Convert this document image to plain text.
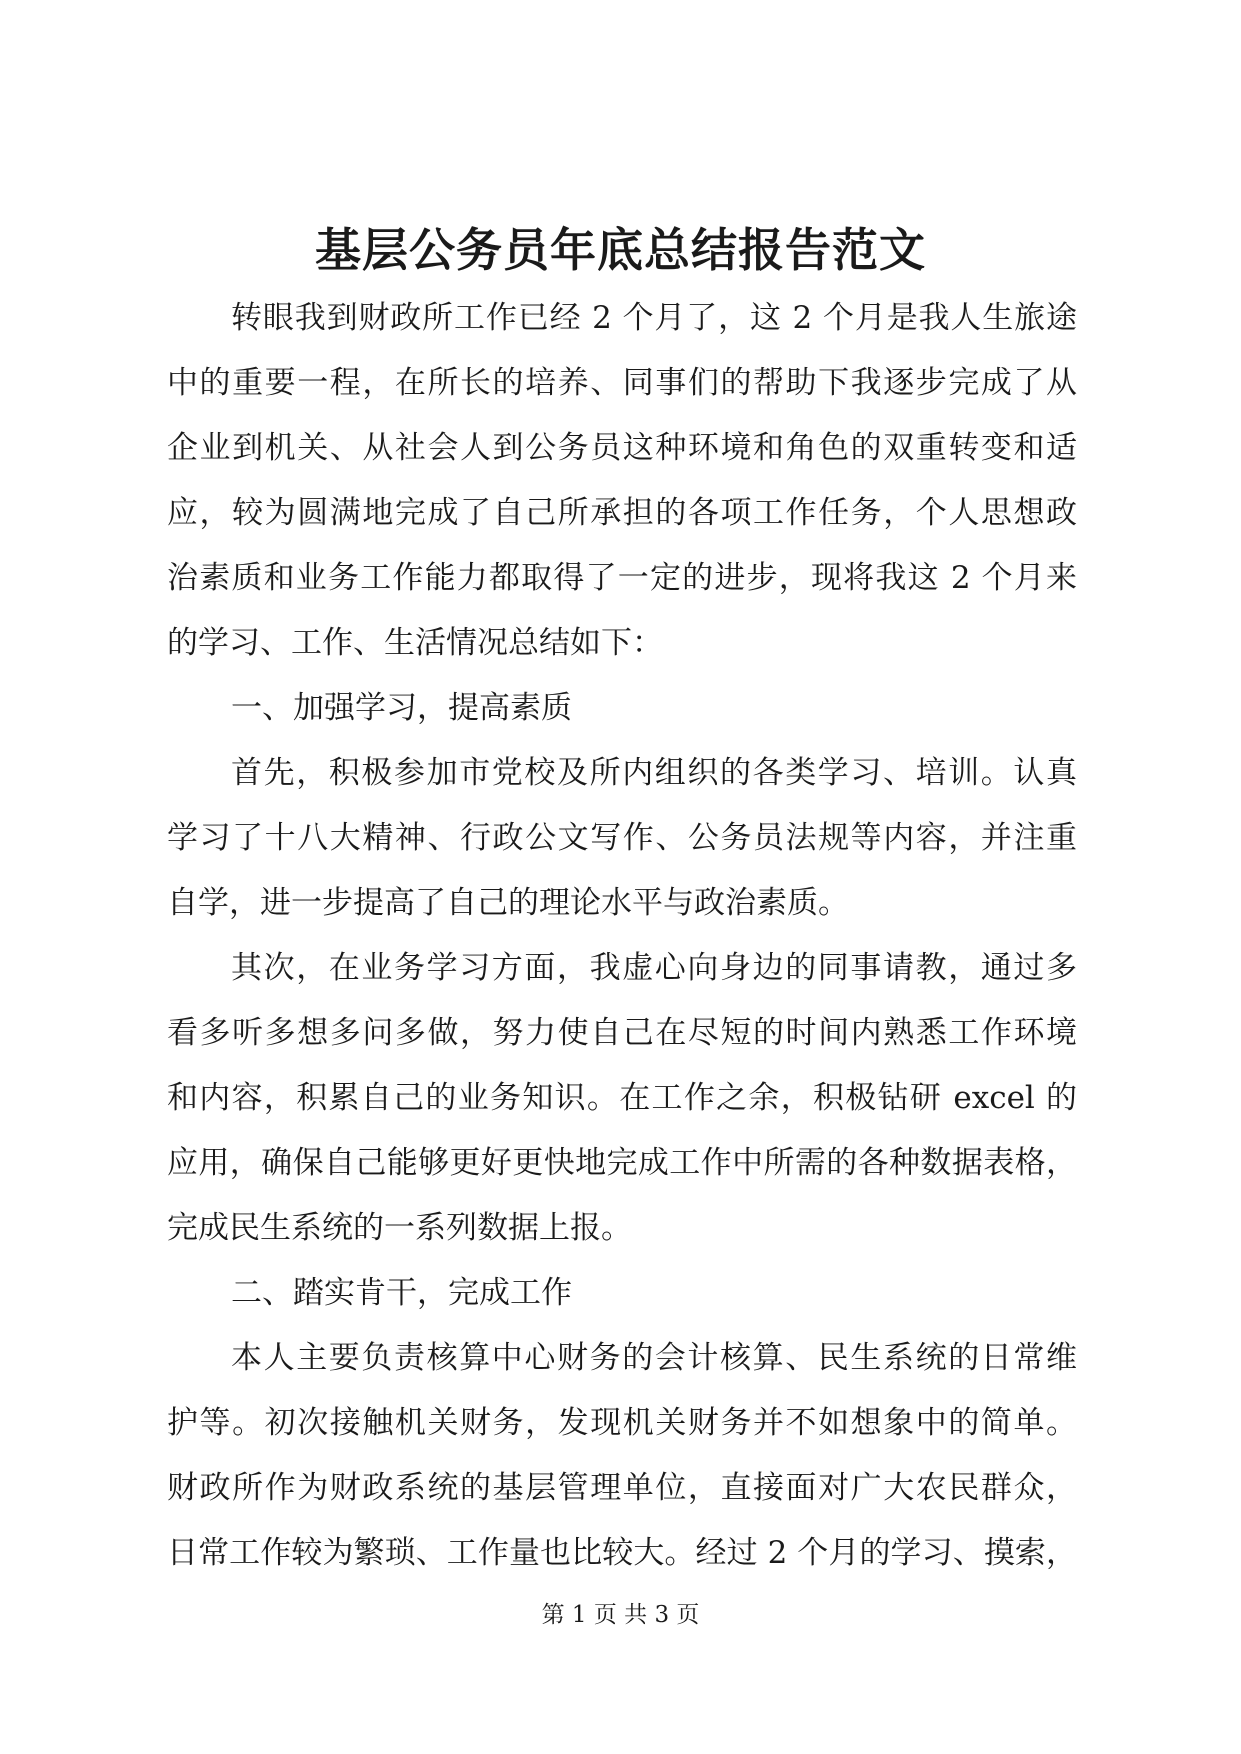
基层公务员年底总结报告范文
转眼我到财政所工作已经 2 个月了，这 2 个月是我人生旅途
中的重要一程，在所长的培养、同事们的帮助下我逐步完成了从
企业到机关、从社会人到公务员这种环境和角色的双重转变和适
应，较为圆满地完成了自己所承担的各项工作任务，个人思想政
治素质和业务工作能力都取得了一定的进步，现将我这 2 个月来
的学习、工作、生活情况总结如下：
一、加强学习，提高素质
首先，积极参加市党校及所内组织的各类学习、培训。认真
学习了十八大精神、行政公文写作、公务员法规等内容，并注重
自学，进一步提高了自己的理论水平与政治素质。
其次，在业务学习方面，我虚心向身边的同事请教，通过多
看多听多想多问多做，努力使自己在尽短的时间内熟悉工作环境
和内容，积累自己的业务知识。在工作之余，积极钻研 excel 的
应用，确保自己能够更好更快地完成工作中所需的各种数据表格，
完成民生系统的一系列数据上报。
二、踏实肯干，完成工作
本人主要负责核算中心财务的会计核算、民生系统的日常维
护等。初次接触机关财务，发现机关财务并不如想象中的简单。
财政所作为财政系统的基层管理单位，直接面对广大农民群众，
日常工作较为繁琐、工作量也比较大。经过 2 个月的学习、摸索，
第 1 页 共 3 页
